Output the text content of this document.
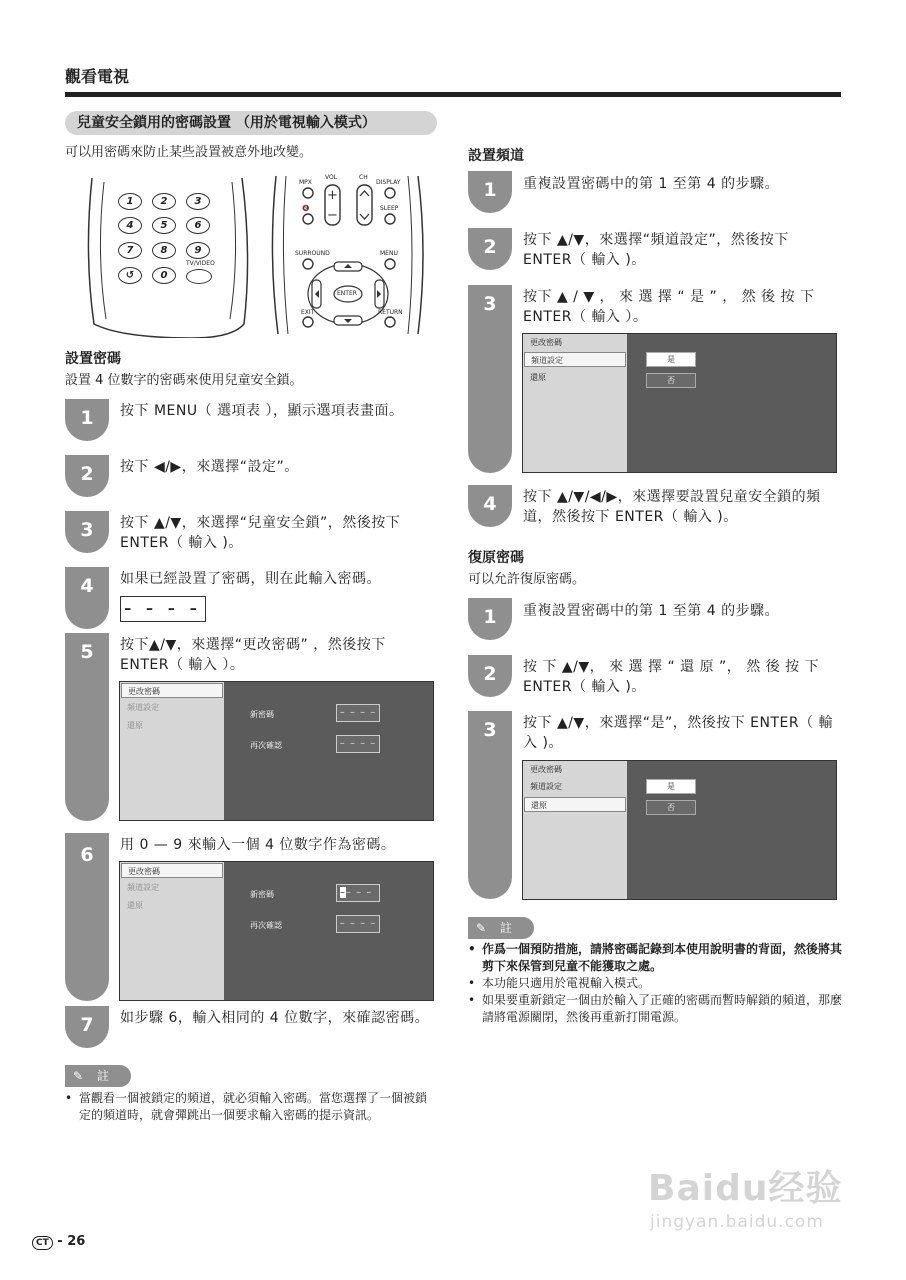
觀看電視
兒童安全鎖用的密碼設置 （用於電視輸入模式）
可以用密碼來防止某些設置被意外地改變。
1	2	3
4	5	6
7	8	9
↺	0
TV/VIDEO
+
−
MPX
VOL	CH
DISPLAY
🔇	SLEEP
SURROUND	MENU
ENTER
EXIT	RETURN
設置密碼
設置 4 位數字的密碼來使用兒童安全鎖。
1	按下 MENU（ 選項表 ），顯示選項表畫面。
2	按下 ◀/▶，來選擇“設定”。
3	按下 ▲/▼，來選擇“兒童安全鎖”，然後按下 ENTER（ 輸入 )。
4	如果已經設置了密碼，則在此輸入密碼。
– – – –
5	按下▲/▼，來選擇“更改密碼” ，然後按下 ENTER（ 輸入 ）。
更改密碼
頻道設定
還原
新密碼	– – – –
再次確認	– – – –
6	用 0 — 9 來輸入一個 4 位數字作為密碼。
更改密碼
頻道設定
還原
新密碼	–– – –
再次確認	– – – –
7	如步驟 6，輸入相同的 4 位數字，來確認密碼。
✎ 註
• 當觀看一個被鎖定的頻道，就必須輸入密碼。當您選擇了一個被鎖定的頻道時，就會彈跳出一個要求輸入密碼的提示資訊。
設置頻道
1	重複設置密碼中的第 1 至第 4 的步驟。
2	按下 ▲/▼，來選擇“頻道設定”，然後按下 ENTER（ 輸入 )。
3	按下 ▲ / ▼ ， 來 選 擇 “ 是 ” ， 然 後 按 下 ENTER（ 輸入 ）。
更改密碼
頻道設定
還原
是
否
4	按下 ▲/▼/◀/▶，來選擇要設置兒童安全鎖的頻道，然後按下 ENTER（ 輸入 )。
復原密碼
可以允許復原密碼。
1	重複設置密碼中的第 1 至第 4 的步驟。
2	按 下 ▲/▼， 來 選 擇 “ 還 原 ”， 然 後 按 下 ENTER（ 輸入 )。
3	按下 ▲/▼，來選擇“是”，然後按下 ENTER（ 輸入 )。
更改密碼
頻道設定
還原
是
否
✎ 註
• 作爲一個預防措施，請將密碼記錄到本使用說明書的背面，然後將其剪下來保管到兒童不能獲取之處。
• 本功能只適用於電視輸入模式。
• 如果要重新鎖定一個由於輸入了正確的密碼而暫時解鎖的頻道，那麼請將電源關閉，然後再重新打開電源。
Baidu经验
jingyan.baidu.com
CT - 26
